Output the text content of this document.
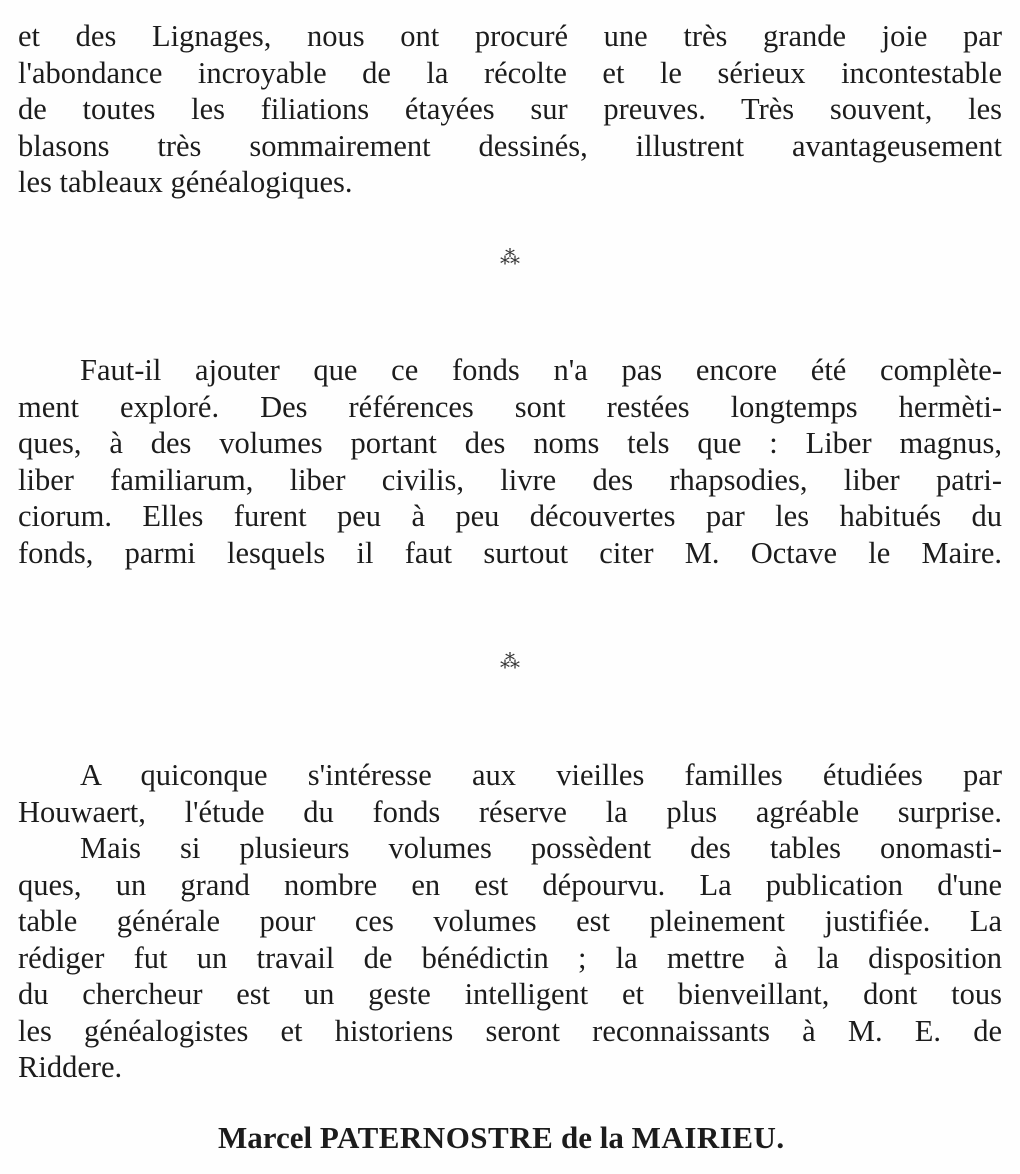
et des Lignages, nous ont procuré une très grande joie par
l'abondance incroyable de la récolte et le sérieux incontestable
de toutes les filiations étayées sur preuves. Très souvent, les
blasons très sommairement dessinés, illustrent avantageusement
les tableaux généalogiques.
⁂
Faut-il ajouter que ce fonds n'a pas encore été complète-
ment exploré. Des références sont restées longtemps hermèti-
ques, à des volumes portant des noms tels que : Liber magnus,
liber familiarum, liber civilis, livre des rhapsodies, liber patri-
ciorum. Elles furent peu à peu découvertes par les habitués du
fonds, parmi lesquels il faut surtout citer M. Octave le Maire.
⁂
A quiconque s'intéresse aux vieilles familles étudiées par
Houwaert, l'étude du fonds réserve la plus agréable surprise.
Mais si plusieurs volumes possèdent des tables onomasti-
ques, un grand nombre en est dépourvu. La publication d'une
table générale pour ces volumes est pleinement justifiée. La
rédiger fut un travail de bénédictin ; la mettre à la disposition
du chercheur est un geste intelligent et bienveillant, dont tous
les généalogistes et historiens seront reconnaissants à M. E. de
Riddere.
Marcel PATERNOSTRE de la MAIRIEU.
